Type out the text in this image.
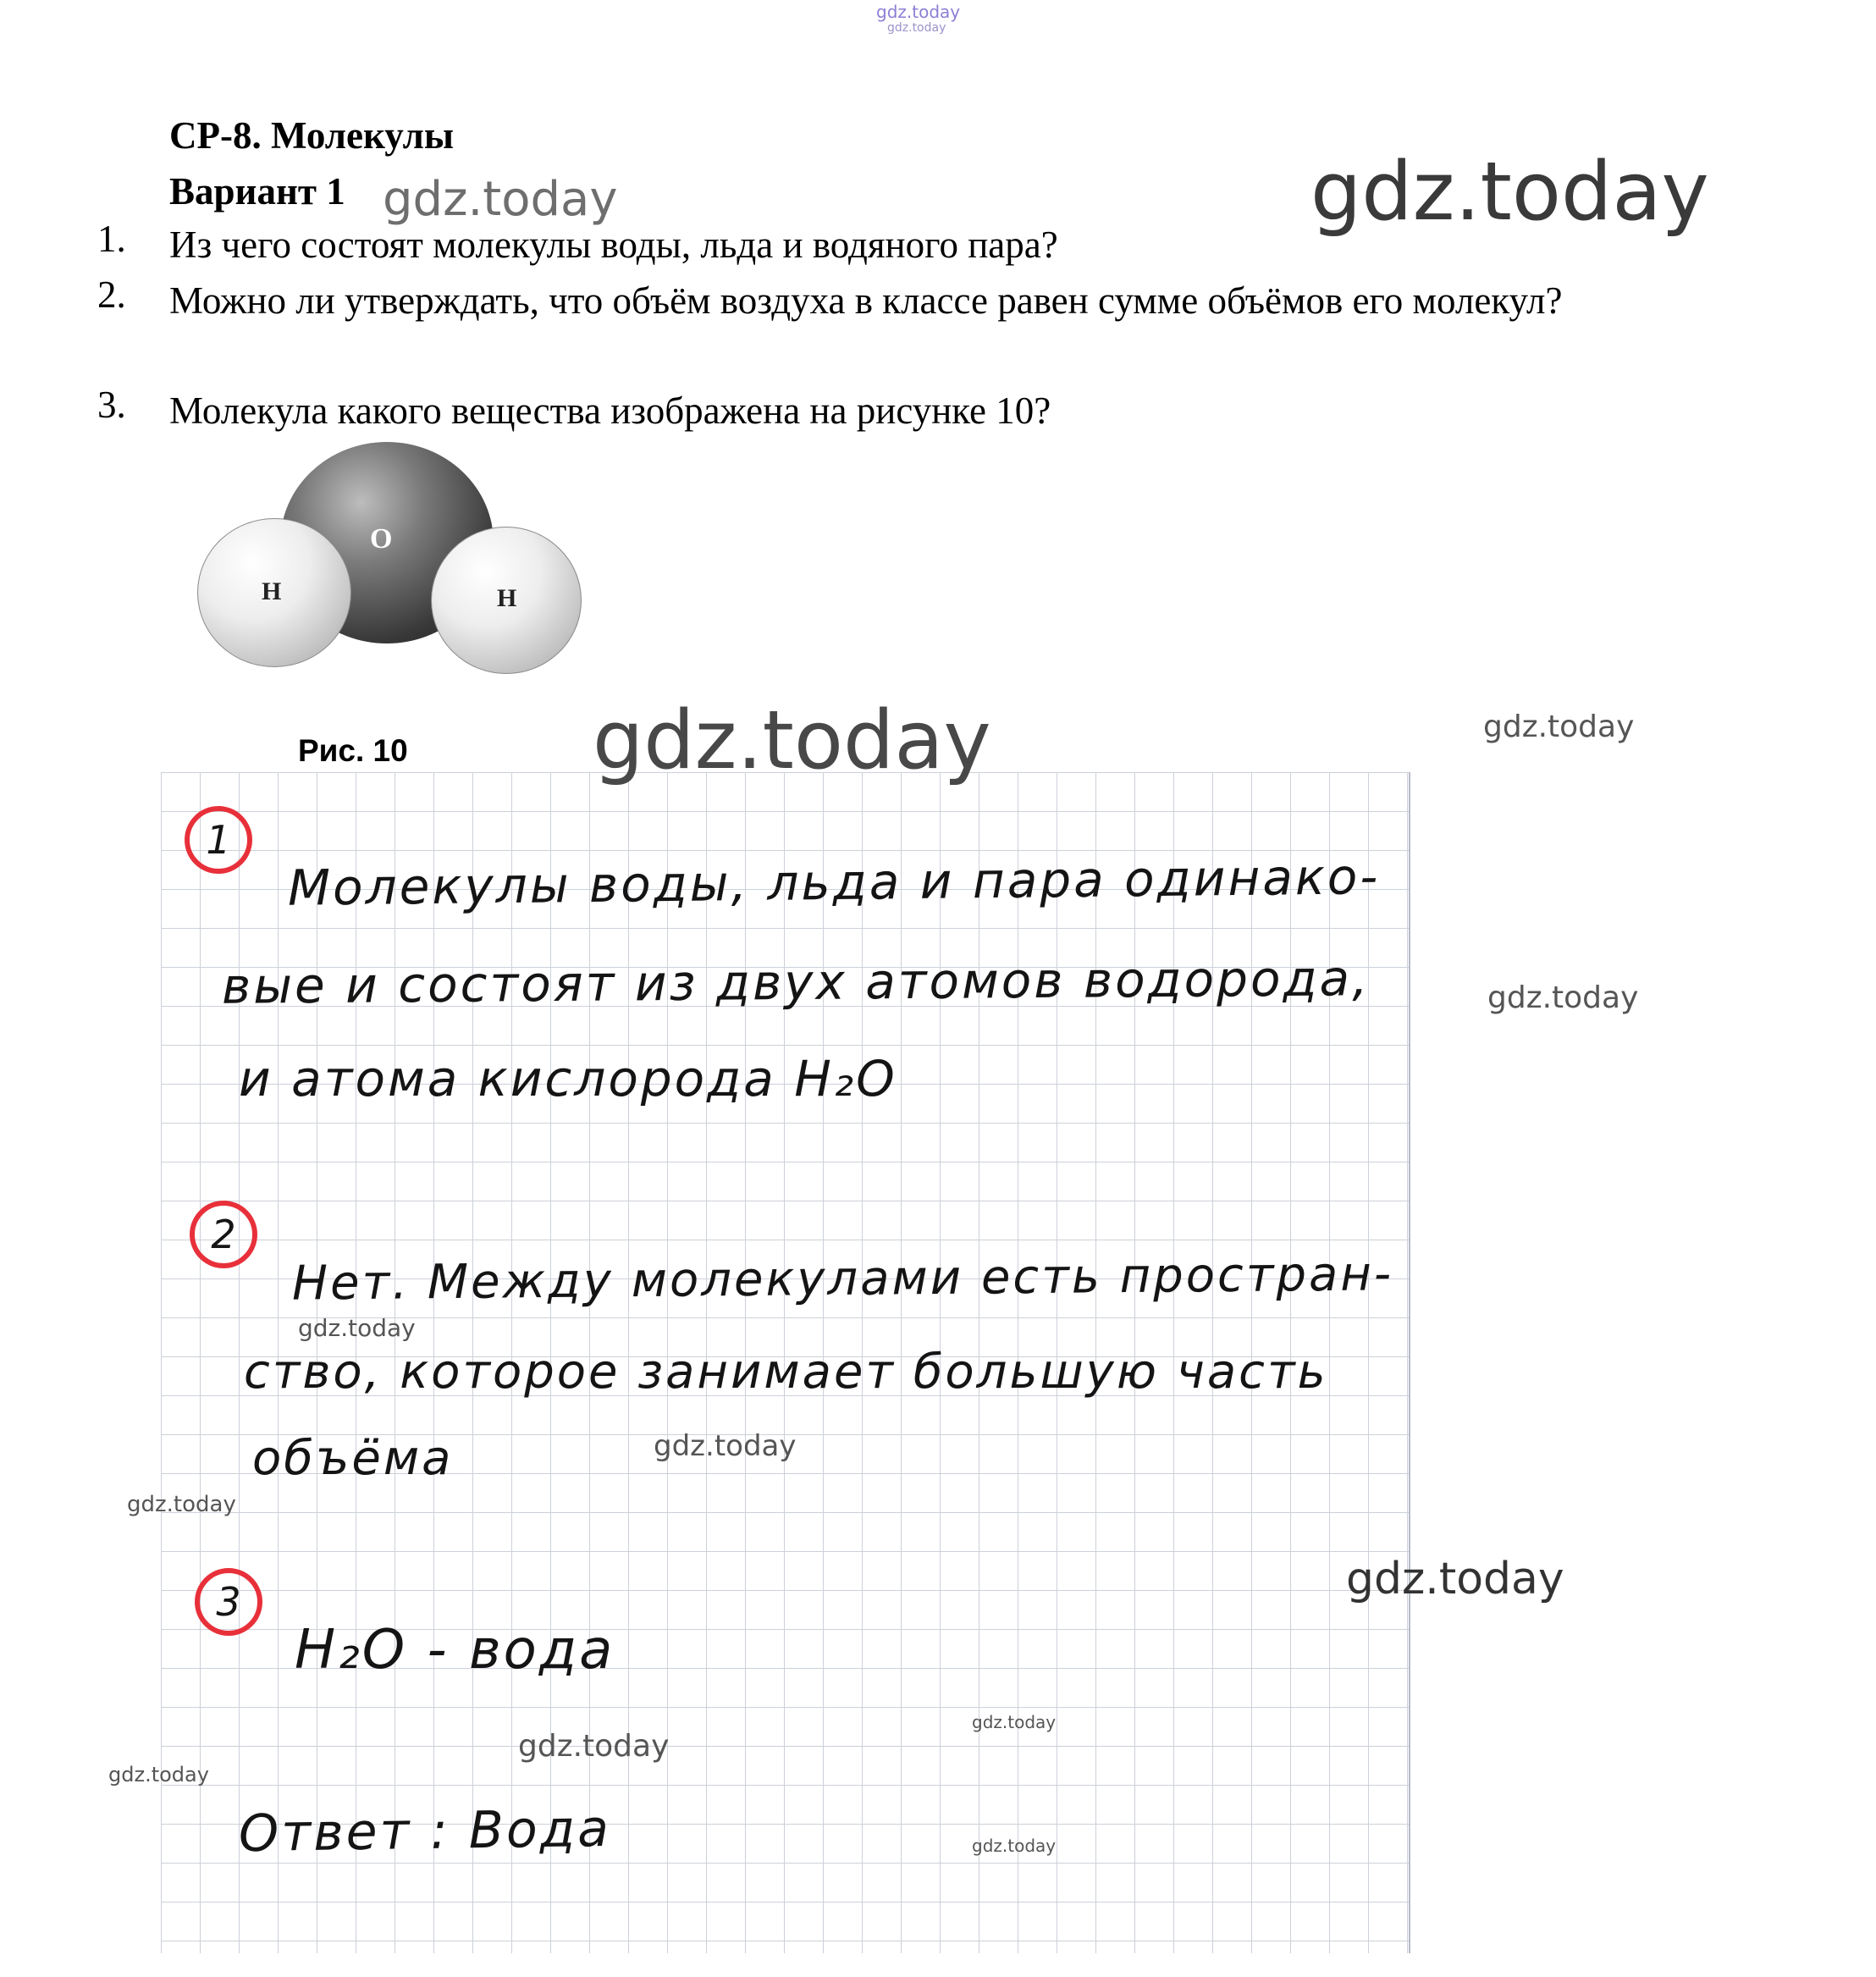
gdz.today
gdz.today
СР-8. Молекулы
Вариант 1 gdz.today	gdz.today
1.	Из чего состоят молекулы воды, льда и водяного пара?
2.	Можно ли утверждать, что объём воздуха в классе равен сумме объёмов его молекул?
3.	Молекула какого вещества изображена на рисунке 10?
O
H	H
Рис. 10 gdz.today	gdz.today
gdz.today
1
Молекулы воды, льда и пара одинако-
вые и состоят из двух атомов водорода,
и атома кислорода H₂O
2
Нет. Между молекулами есть простран-
ство, которое занимает большую часть
объёма
gdz.today
gdz.today
gdz.today
gdz.today
3
H₂O - вода
Ответ : Вода
gdz.today
gdz.today
gdz.today
gdz.today
